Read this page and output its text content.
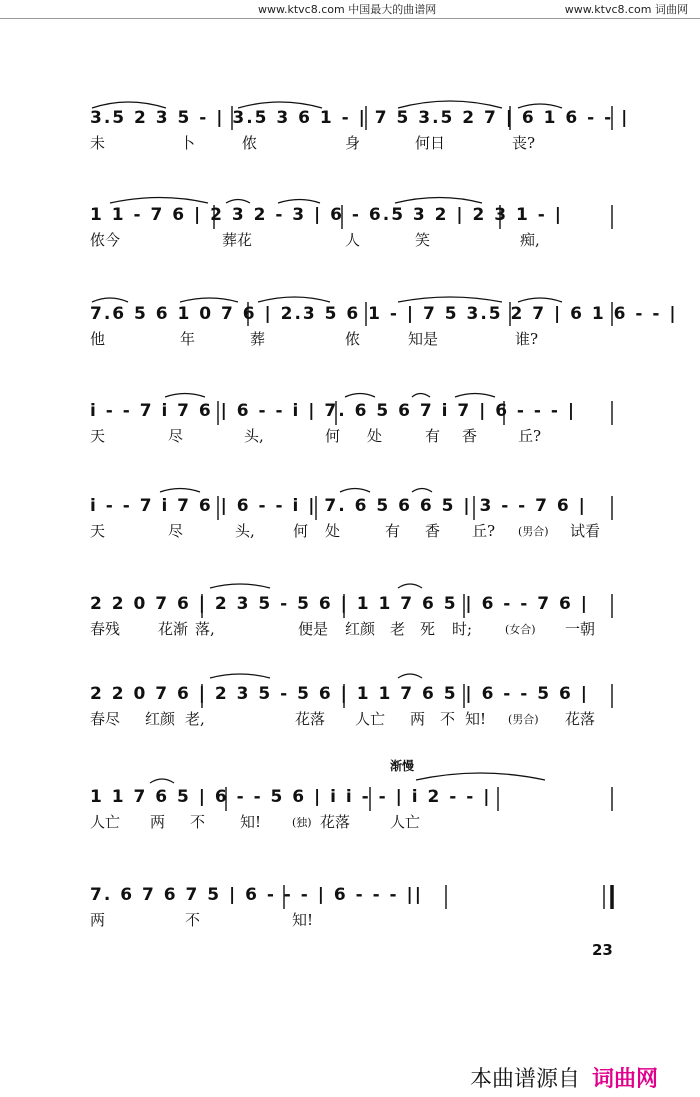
www.ktvc8.com 中国最大的曲谱网	www.ktvc8.com 词曲网

3.5 2 3 5 - | 3.5 3 6 1 - | 7 5 3.5 2 7 | 6 1 6 - - |

未	卜	侬	身	何日	丧?

1 1 - 7 6 | 2 3 2 - 3 | 6 - 6.5 3 2 | 2 3 1 - |

侬今	葬花	人	笑	痴,

7.6 5 6 1 0 7 6 | 2.3 5 6 1 - | 7 5 3.5 2 7 | 6 1 6 - - |

他	年	葬	侬	知是	谁?

i - - 7 i 7 6 | 6 - - i | 7. 6 5 6 7 i 7 | 6 - - - |

天	尽	头,	何 处	有 香	丘?

i - - 7 i 7 6 | 6 - - i | 7. 6 5 6 6 5 | 3 - - 7 6 |

天	尽	头,	何 处	有 香 丘? (男合) 试看

2 2 0 7 6 | 2 3 5 - 5 6 | 1 1 7 6 5 | 6 - - 7 6 |

春残	花渐 落,	便是 红颜 老 死 时;	(女合) 一朝

2 2 0 7 6 | 2 3 5 - 5 6 | 1 1 7 6 5 | 6 - - 5 6 |

春尽 红颜 老,	花落 人亡 两 不 知! (男合) 花落
渐慢

1 1 7 6 5 | 6 - - 5 6 | i i - - | i 2 - - |

人亡 两 不 知!	(独) 花落	人亡

7. 6 7 6 7 5 | 6 - - - | 6 - - - ||

两	不	知!
23
本曲谱源自 词曲网
